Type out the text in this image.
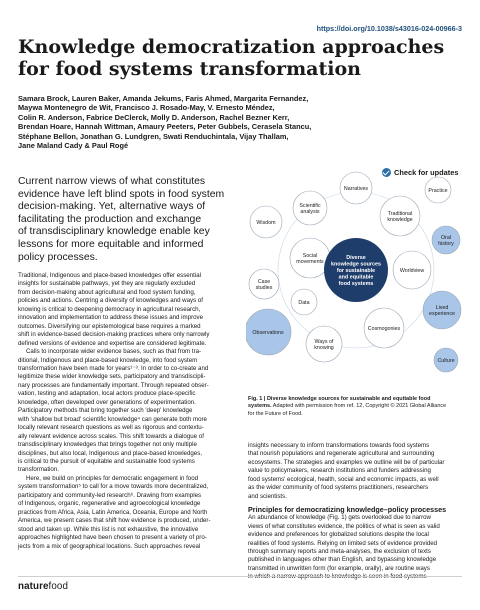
https://doi.org/10.1038/s43016-024-00966-3
Knowledge democratization approaches
for food systems transformation
Samara Brock, Lauren Baker, Amanda Jekums, Faris Ahmed, Margarita Fernandez,
Maywa Montenegro de Wit, Francisco J. Rosado-May, V. Ernesto Méndez,
Colin R. Anderson, Fabrice DeClerck, Molly D. Anderson, Rachel Bezner Kerr,
Brendan Hoare, Hannah Wittman, Amaury Peeters, Peter Gubbels, Cerasela Stancu,
Stéphane Bellon, Jonathan G. Lundgren, Swati Renduchintala, Vijay Thallam,
Jane Maland Cady & Paul Rogé
Check for updates
Current narrow views of what constitutes
evidence have left blind spots in food system
decision-making. Yet, alternative ways of
facilitating the production and exchange
of transdisciplinary knowledge enable key
lessons for more equitable and informed
policy processes.
Traditional, Indigenous and place-based knowledges offer essential
insights for sustainable pathways, yet they are regularly excluded
from decision-making about agricultural and food system funding,
policies and actions. Centring a diversity of knowledges and ways of
knowing is critical to deepening democracy in agricultural research,
innovation and implementation to address these issues and improve
outcomes. Diversifying our epistemological base requires a marked
shift in evidence-based decision-making practices where only narrowly
defined versions of evidence and expertise are considered legitimate.
Calls to incorporate wider evidence bases, such as that from tra-
ditional, Indigenous and place-based knowledge, into food system
transformation have been made for years¹⁻³. In order to co-create and
legitimize these wider knowledge sets, participatory and transdiscipli-
nary processes are fundamentally important. Through repeated obser-
vation, testing and adaptation, local actors produce place-specific
knowledge, often developed over generations of experimentation.
Participatory methods that bring together such 'deep' knowledge
with 'shallow but broad' scientific knowledge⁴ can generate both more
locally relevant research questions as well as rigorous and contextu-
ally relevant evidence across scales. This shift towards a dialogue of
transdisciplinary knowledges that brings together not only multiple
disciplines, but also local, Indigenous and place-based knowledges,
is critical to the pursuit of equitable and sustainable food systems
transformation.
Here, we build on principles for democratic engagement in food
system transformation⁵ to call for a move towards more decentralized,
participatory and community-led research⁶. Drawing from examples
of Indigenous, organic, regenerative and agroecological knowledge
practices from Africa, Asia, Latin America, Oceania, Europe and North
America, we present cases that shift how evidence is produced, under-
stood and taken up. While this list is not exhaustive, the innovative
approaches highlighted have been chosen to present a variety of pro-
jects from a mix of geographical locations. Such approaches reveal
Narratives	Practice
Scientific
analysis	Traditional
knowledge
Wisdom
Oral
history
Social
movements
Worldview
Case
studies
Data
Lived
experience
Observations
Ways of
knowing
Cosmogonies
Culture
Diverse
knowledge sources
for sustainable
and equitable
food systems
Fig. 1 | Diverse knowledge sources for sustainable and equitable food
systems. Adapted with permission from ref. 12, Copyright © 2021 Global Alliance
for the Future of Food.
insights necessary to inform transformations towards food systems
that nourish populations and regenerate agricultural and surrounding
ecosystems. The strategies and examples we outline will be of particular
value to policymakers, research institutions and funders addressing
food systems' ecological, health, social and economic impacts, as well
as the wider community of food systems practitioners, researchers
and scientists.
Principles for democratizing knowledge–policy processes
An abundance of knowledge (Fig. 1) gets overlooked due to narrow
views of what constitutes evidence, the politics of what is seen as valid
evidence and preferences for globalized solutions despite the local
realities of food systems. Relying on limited sets of evidence provided
through summary reports and meta-analyses, the exclusion of texts
published in languages other than English, and bypassing knowledge
transmitted in unwritten form (for example, orally), are routine ways
naturefood
